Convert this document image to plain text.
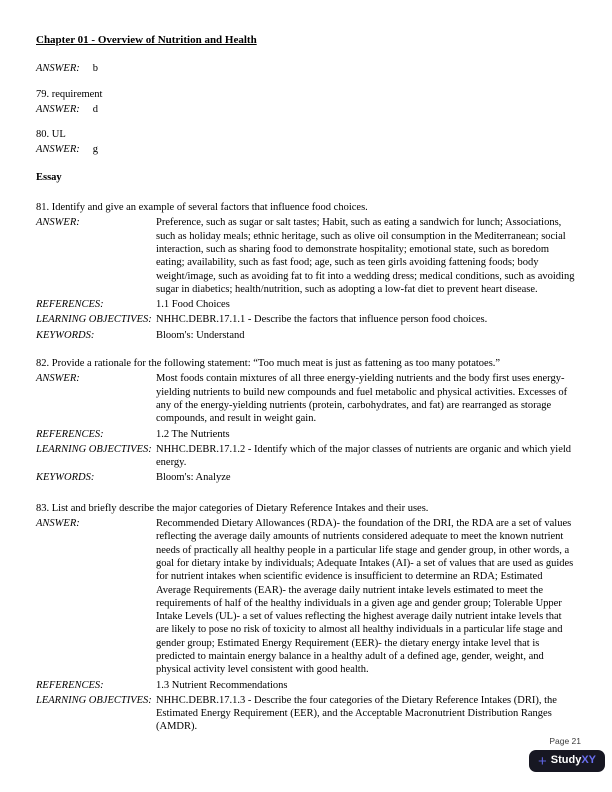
Chapter 01 - Overview of Nutrition and Health
ANSWER: b
79. requirement
ANSWER: d
80. UL
ANSWER: g
Essay
81. Identify and give an example of several factors that influence food choices.
ANSWER:	Preference, such as sugar or salt tastes; Habit, such as eating a sandwich for lunch; Associations, such as holiday meals; ethnic heritage, such as olive oil consumption in the Mediterranean; social interaction, such as sharing food to demonstrate hospitality; emotional state, such as boredom eating; availability, such as fast food; age, such as teen girls avoiding fattening foods; body weight/image, such as avoiding fat to fit into a wedding dress; medical conditions, such as avoiding sugar in diabetics; health/nutrition, such as adopting a low-fat diet to prevent heart disease.
REFERENCES:	1.1 Food Choices
LEARNING OBJECTIVES: NHHC.DEBR.17.1.1 - Describe the factors that influence person food choices.
KEYWORDS:	Bloom's: Understand
82. Provide a rationale for the following statement: “Too much meat is just as fattening as too many potatoes.”
ANSWER:	Most foods contain mixtures of all three energy-yielding nutrients and the body first uses energy-yielding nutrients to build new compounds and fuel metabolic and physical activities. Excesses of any of the energy-yielding nutrients (protein, carbohydrates, and fat) are rearranged as storage compounds, and result in weight gain.
REFERENCES:	1.2 The Nutrients
LEARNING OBJECTIVES: NHHC.DEBR.17.1.2 - Identify which of the major classes of nutrients are organic and which yield energy.
KEYWORDS:	Bloom's: Analyze
83. List and briefly describe the major categories of Dietary Reference Intakes and their uses.
ANSWER:	Recommended Dietary Allowances (RDA)- the foundation of the DRI, the RDA are a set of values reflecting the average daily amounts of nutrients considered adequate to meet the known nutrient needs of practically all healthy people in a particular life stage and gender group, in other words, a goal for dietary intake by individuals; Adequate Intakes (AI)- a set of values that are used as guides for nutrient intakes when scientific evidence is insufficient to determine an RDA; Estimated Average Requirements (EAR)- the average daily nutrient intake levels estimated to meet the requirements of half of the healthy individuals in a given age and gender group; Tolerable Upper Intake Levels (UL)- a set of values reflecting the highest average daily nutrient intake levels that are likely to pose no risk of toxicity to almost all healthy individuals in a particular life stage and gender group; Estimated Energy Requirement (EER)- the dietary energy intake level that is predicted to maintain energy balance in a healthy adult of a defined age, gender, weight, and physical activity level consistent with good health.
REFERENCES:	1.3 Nutrient Recommendations
LEARNING OBJECTIVES: NHHC.DEBR.17.1.3 - Describe the four categories of the Dietary Reference Intakes (DRI), the Estimated Energy Requirement (EER), and the Acceptable Macronutrient Distribution Ranges (AMDR).
Page 21
+ Study XY
